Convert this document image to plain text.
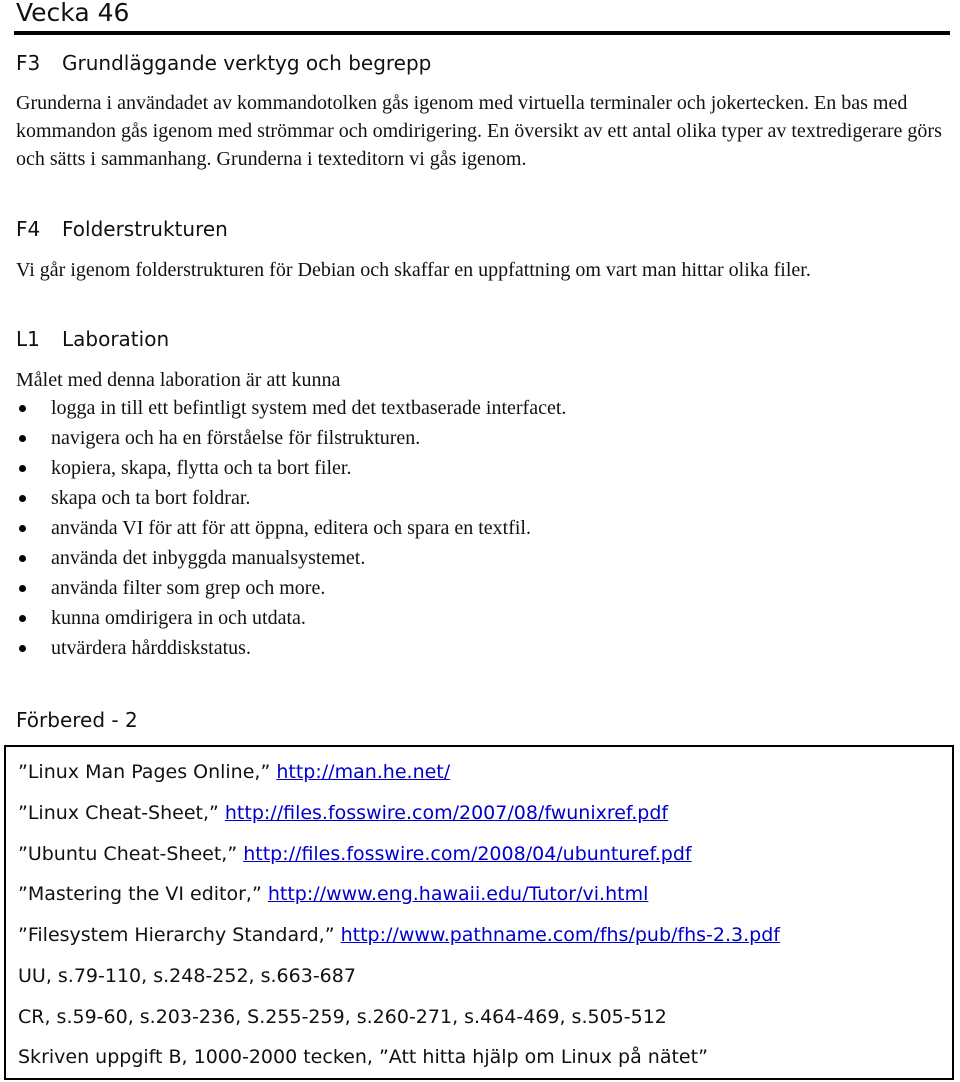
Vecka 46
F3 Grundläggande verktyg och begrepp
Grunderna i användadet av kommandotolken gås igenom med virtuella terminaler och jokertecken. En bas med kommandon gås igenom med strömmar och omdirigering. En översikt av ett antal olika typer av textredigerare görs och sätts i sammanhang. Grunderna i texteditorn vi gås igenom.
F4 Folderstrukturen
Vi går igenom folderstrukturen för Debian och skaffar en uppfattning om vart man hittar olika filer.
L1 Laboration
Målet med denna laboration är att kunna
logga in till ett befintligt system med det textbaserade interfacet.
navigera och ha en förståelse för filstrukturen.
kopiera, skapa, flytta och ta bort filer.
skapa och ta bort foldrar.
använda VI för att för att öppna, editera och spara en textfil.
använda det inbyggda manualsystemet.
använda filter som grep och more.
kunna omdirigera in och utdata.
utvärdera hårddiskstatus.
Förbered - 2
”Linux Man Pages Online,” http://man.he.net/
”Linux Cheat-Sheet,” http://files.fosswire.com/2007/08/fwunixref.pdf
”Ubuntu Cheat-Sheet,” http://files.fosswire.com/2008/04/ubunturef.pdf
”Mastering the VI editor,” http://www.eng.hawaii.edu/Tutor/vi.html
”Filesystem Hierarchy Standard,” http://www.pathname.com/fhs/pub/fhs-2.3.pdf
UU, s.79-110, s.248-252, s.663-687
CR, s.59-60, s.203-236, S.255-259, s.260-271, s.464-469, s.505-512
Skriven uppgift B, 1000-2000 tecken, ”Att hitta hjälp om Linux på nätet”
